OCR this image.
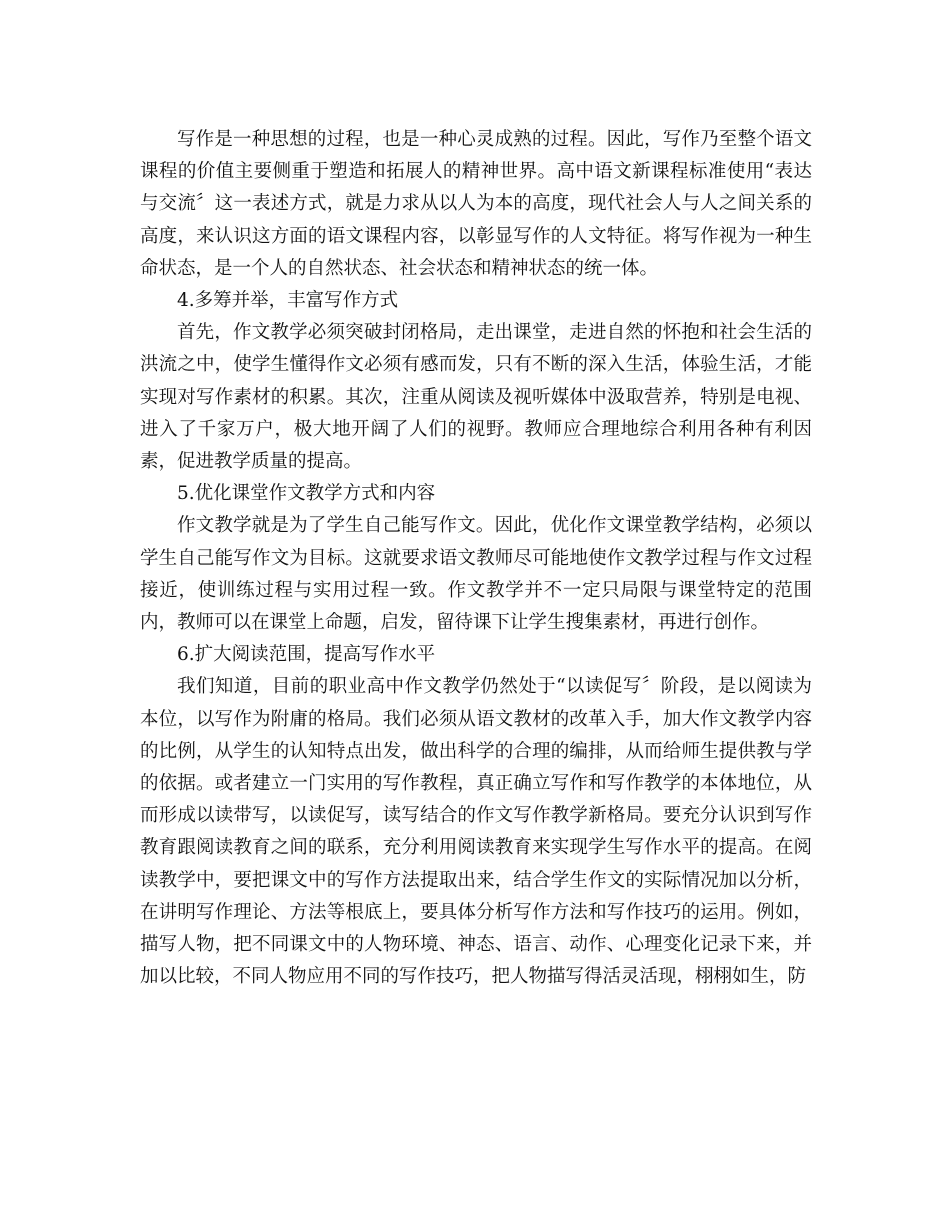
写作是一种思想的过程，也是一种心灵成熟的过程。因此，写作乃至整个语文课程的价值主要侧重于塑造和拓展人的精神世界。高中语文新课程标准使用“表达与交流〞这一表述方式，就是力求从以人为本的高度，现代社会人与人之间关系的高度，来认识这方面的语文课程内容，以彰显写作的人文特征。将写作视为一种生命状态，是一个人的自然状态、社会状态和精神状态的统一体。

4.多筹并举，丰富写作方式

首先，作文教学必须突破封闭格局，走出课堂，走进自然的怀抱和社会生活的洪流之中，使学生懂得作文必须有感而发，只有不断的深入生活，体验生活，才能实现对写作素材的积累。其次，注重从阅读及视听媒体中汲取营养，特别是电视、进入了千家万户，极大地开阔了人们的视野。教师应合理地综合利用各种有利因素，促进教学质量的提高。

5.优化课堂作文教学方式和内容

作文教学就是为了学生自己能写作文。因此，优化作文课堂教学结构，必须以学生自己能写作文为目标。这就要求语文教师尽可能地使作文教学过程与作文过程接近，使训练过程与实用过程一致。作文教学并不一定只局限与课堂特定的范围内，教师可以在课堂上命题，启发，留待课下让学生搜集素材，再进行创作。

6.扩大阅读范围，提高写作水平

我们知道，目前的职业高中作文教学仍然处于“以读促写〞阶段，是以阅读为本位，以写作为附庸的格局。我们必须从语文教材的改革入手，加大作文教学内容的比例，从学生的认知特点出发，做出科学的合理的编排，从而给师生提供教与学的依据。或者建立一门实用的写作教程，真正确立写作和写作教学的本体地位，从而形成以读带写，以读促写，读写结合的作文写作教学新格局。要充分认识到写作教育跟阅读教育之间的联系，充分利用阅读教育来实现学生写作水平的提高。在阅读教学中，要把课文中的写作方法提取出来，结合学生作文的实际情况加以分析，在讲明写作理论、方法等根底上，要具体分析写作方法和写作技巧的运用。例如，描写人物，把不同课文中的人物环境、神态、语言、动作、心理变化记录下来，并加以比较，不同人物应用不同的写作技巧，把人物描写得活灵活现，栩栩如生，防
